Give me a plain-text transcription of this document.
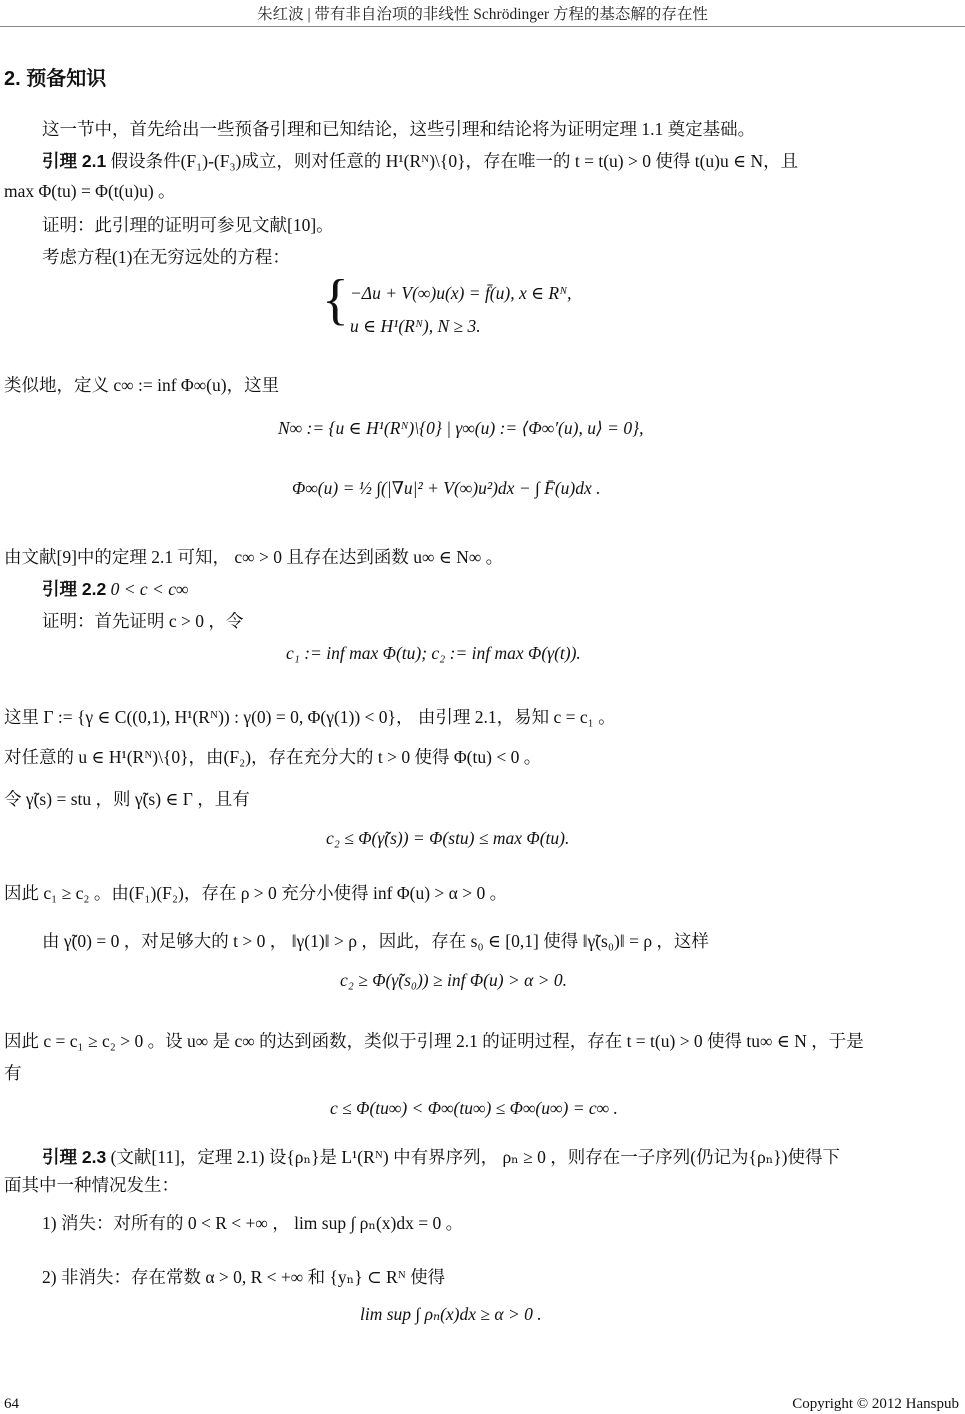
朱红波 | 带有非自治项的非线性 Schrödinger 方程的基态解的存在性
2. 预备知识
这一节中，首先给出一些预备引理和已知结论，这些引理和结论将为证明定理 1.1 奠定基础。
引理 2.1 假设条件(F₁)-(F₃)成立，则对任意的 H¹(Rᴺ)\{0}，存在唯一的 t = t(u) > 0 使得 t(u)u ∈ N，且
max Φ(tu) = Φ(t(u)u) 。
证明：此引理的证明可参见文献[10]。
考虑方程(1)在无穷远处的方程：
{ −Δu + V(∞)u(x) = f̄(u), x ∈ Rᴺ,
u ∈ H¹(Rᴺ), N ≥ 3.
类似地，定义 c∞ := inf Φ∞(u)，这里
N∞ := {u ∈ H¹(Rᴺ)\{0} | γ∞(u) := ⟨Φ∞′(u), u⟩ = 0},
Φ∞(u) = ½ ∫(|∇u|² + V(∞)u²)dx − ∫ F̄(u)dx .
由文献[9]中的定理 2.1 可知， c∞ > 0 且存在达到函数 u∞ ∈ N∞ 。
引理 2.2 0 < c < c∞
证明：首先证明 c > 0 ，令
c₁ := inf max Φ(tu); c₂ := inf max Φ(γ(t)).
这里 Γ := {γ ∈ C((0,1), H¹(Rᴺ)) : γ(0) = 0, Φ(γ(1)) < 0}， 由引理 2.1，易知 c = c₁ 。
对任意的 u ∈ H¹(Rᴺ)\{0}，由(F₂)，存在充分大的 t > 0 使得 Φ(tu) < 0 。
令 γ̃(s) = stu ，则 γ̃(s) ∈ Γ ，且有
c₂ ≤ Φ(γ̃(s)) = Φ(stu) ≤ max Φ(tu).
因此 c₁ ≥ c₂ 。由(F₁)(F₂)，存在 ρ > 0 充分小使得 inf Φ(u) > α > 0 。
由 γ̃(0) = 0 ，对足够大的 t > 0 ， ‖γ(1)‖ > ρ ，因此，存在 s₀ ∈ [0,1] 使得 ‖γ̃(s₀)‖ = ρ ，这样
c₂ ≥ Φ(γ̃(s₀)) ≥ inf Φ(u) > α > 0.
因此 c = c₁ ≥ c₂ > 0 。设 u∞ 是 c∞ 的达到函数，类似于引理 2.1 的证明过程，存在 t = t(u) > 0 使得 tu∞ ∈ N ，于是
有
c ≤ Φ(tu∞) < Φ∞(tu∞) ≤ Φ∞(u∞) = c∞ .
引理 2.3 (文献[11]，定理 2.1) 设{ρₙ}是 L¹(Rᴺ) 中有界序列， ρₙ ≥ 0 ，则存在一子序列(仍记为{ρₙ})使得下
面其中一种情况发生：
1) 消失：对所有的 0 < R < +∞ ， lim sup ∫ ρₙ(x)dx = 0 。
2) 非消失：存在常数 α > 0, R < +∞ 和 {yₙ} ⊂ Rᴺ 使得
lim sup ∫ ρₙ(x)dx ≥ α > 0 .
64	Copyright © 2012 Hanspub
